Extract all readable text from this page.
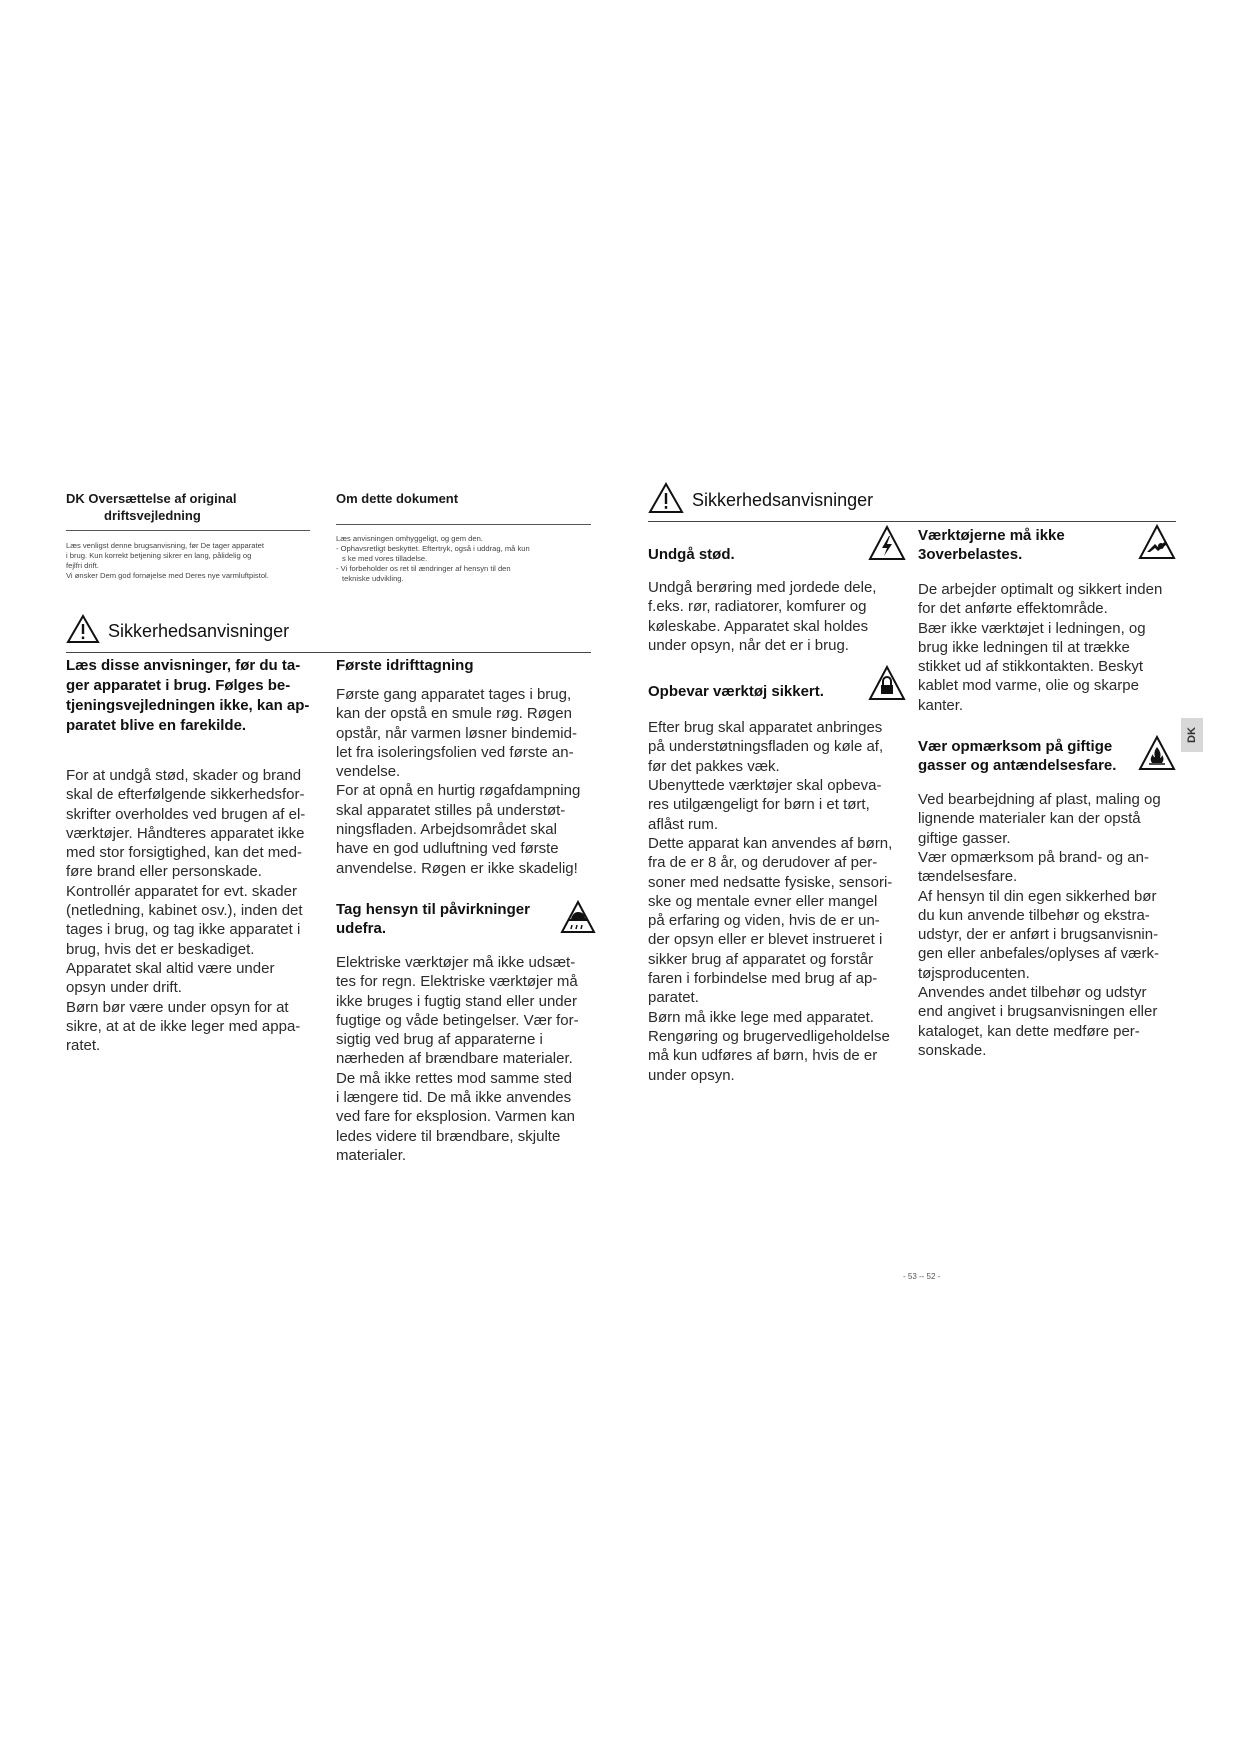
DK Oversættelse af original
driftsvejledning

Læs venligst denne brugsanvisning, før De tager apparatet

i brug. Kun korrekt betjening sikrer en lang, pålidelig og

fejlfri drift.

Vi ønsker Dem god fornøjelse med Deres nye varmluftpistol.

Om dette dokument

Læs anvisningen omhyggeligt, og gem den.

- Ophavsretligt beskyttet. Eftertryk, også i uddrag, må kun

s ke med vores tilladelse.

- Vi forbeholder os ret til ændringer af hensyn til den

tekniske udvikling.

Sikkerhedsanvisninger

Læs disse anvisninger, før du ta-

ger apparatet i brug. Følges be-

tjeningsvejledningen ikke, kan ap-

paratet blive en farekilde.

For at undgå stød, skader og brand

skal de efterfølgende sikkerhedsfor-

skrifter overholdes ved brugen af el-

værktøjer. Håndteres apparatet ikke

med stor forsigtighed, kan det med-

føre brand eller personskade.

Kontrollér apparatet for evt. skader

(netledning, kabinet osv.), inden det

tages i brug, og tag ikke apparatet i

brug, hvis det er beskadiget.

Apparatet skal altid være under

opsyn under drift.

Børn bør være under opsyn for at

sikre, at at de ikke leger med appa-

ratet.

Første idrifttagning

Første gang apparatet tages i brug,

kan der opstå en smule røg. Røgen

opstår, når varmen løsner bindemid-

let fra isoleringsfolien ved første an-

vendelse.

For at opnå en hurtig røgafdampning

skal apparatet stilles på understøt-

ningsfladen. Arbejdsområdet skal

have en god udluftning ved første

anvendelse. Røgen er ikke skadelig!

Tag hensyn til påvirkninger
udefra.

Elektriske værktøjer må ikke udsæt-

tes for regn. Elektriske værktøjer må

ikke bruges i fugtig stand eller under

fugtige og våde betingelser. Vær for-

sigtig ved brug af apparaterne i

nærheden af brændbare materialer.

De må ikke rettes mod samme sted

i længere tid. De må ikke anvendes

ved fare for eksplosion. Varmen kan

ledes videre til brændbare, skjulte

materialer.

Sikkerhedsanvisninger
Undgå stød.

Undgå berøring med jordede dele,

f.eks. rør, radiatorer, komfurer og

køleskabe. Apparatet skal holdes

under opsyn, når det er i brug.

Opbevar værktøj sikkert.

Efter brug skal apparatet anbringes

på understøtningsfladen og køle af,

før det pakkes væk.

Ubenyttede værktøjer skal opbeva-

res utilgængeligt for børn i et tørt,

aflåst rum.

Dette apparat kan anvendes af børn,

fra de er 8 år, og derudover af per-

soner med nedsatte fysiske, sensori-

ske og mentale evner eller mangel

på erfaring og viden, hvis de er un-

der opsyn eller er blevet instrueret i

sikker brug af apparatet og forstår

faren i forbindelse med brug af ap-

paratet.

Børn må ikke lege med apparatet.

Rengøring og brugervedligeholdelse

må kun udføres af børn, hvis de er

under opsyn.

Værktøjerne må ikke
3overbelastes.

De arbejder optimalt og sikkert inden

for det anførte effektområde.

Bær ikke værktøjet i ledningen, og

brug ikke ledningen til at trække

stikket ud af stikkontakten. Beskyt

kablet mod varme, olie og skarpe

kanter.

Vær opmærksom på giftige
gasser og antændelsesfare.

Ved bearbejdning af plast, maling og

lignende materialer kan der opstå

giftige gasser.

Vær opmærksom på brand- og an-

tændelsesfare.

Af hensyn til din egen sikkerhed bør

du kun anvende tilbehør og ekstra-

udstyr, der er anført i brugsanvisnin-

gen eller anbefales/oplyses af værk-

tøjsproducenten.

Anvendes andet tilbehør og udstyr

end angivet i brugsanvisningen eller

kataloget, kan dette medføre per-

sonskade.

DK
- 53 -- 52 -
